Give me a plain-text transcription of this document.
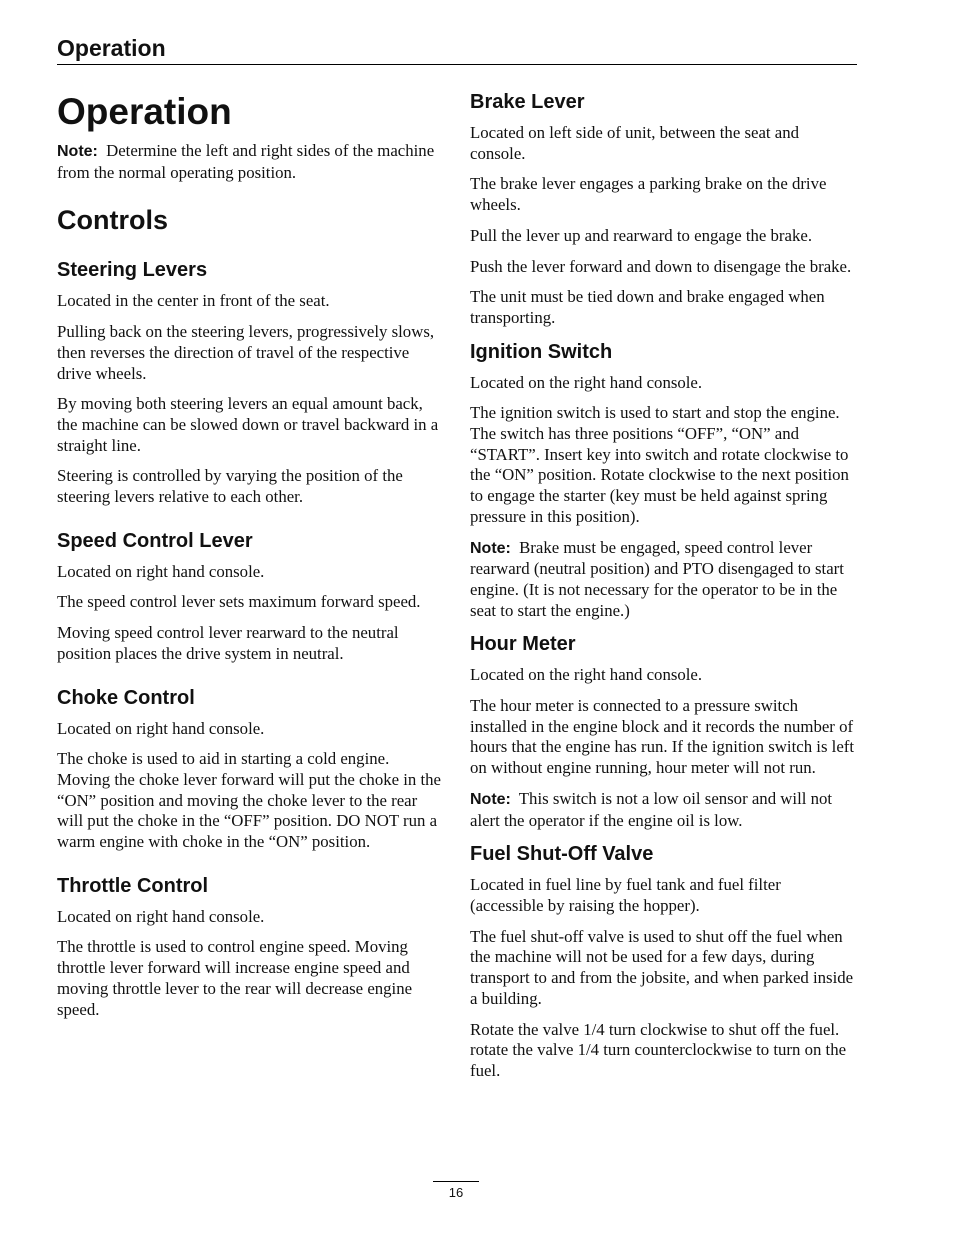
Operation
Operation

Note: Determine the left and right sides of the machine from the normal operating position.

Controls
Steering Levers

Located in the center in front of the seat.

Pulling back on the steering levers, progressively slows, then reverses the direction of travel of the respective drive wheels.

By moving both steering levers an equal amount back, the machine can be slowed down or travel backward in a straight line.

Steering is controlled by varying the position of the steering levers relative to each other.

Speed Control Lever

Located on right hand console.

The speed control lever sets maximum forward speed.

Moving speed control lever rearward to the neutral position places the drive system in neutral.

Choke Control

Located on right hand console.

The choke is used to aid in starting a cold engine. Moving the choke lever forward will put the choke in the “ON” position and moving the choke lever to the rear will put the choke in the “OFF” position. DO NOT run a warm engine with choke in the “ON” position.

Throttle Control

Located on right hand console.

The throttle is used to control engine speed. Moving throttle lever forward will increase engine speed and moving throttle lever to the rear will decrease engine speed.

Brake Lever

Located on left side of unit, between the seat and console.

The brake lever engages a parking brake on the drive wheels.

Pull the lever up and rearward to engage the brake.

Push the lever forward and down to disengage the brake.

The unit must be tied down and brake engaged when transporting.

Ignition Switch

Located on the right hand console.

The ignition switch is used to start and stop the engine. The switch has three positions “OFF”, “ON” and “START”. Insert key into switch and rotate clockwise to the “ON” position. Rotate clockwise to the next position to engage the starter (key must be held against spring pressure in this position).

Note: Brake must be engaged, speed control lever rearward (neutral position) and PTO disengaged to start engine. (It is not necessary for the operator to be in the seat to start the engine.)

Hour Meter

Located on the right hand console.

The hour meter is connected to a pressure switch installed in the engine block and it records the number of hours that the engine has run. If the ignition switch is left on without engine running, hour meter will not run.

Note: This switch is not a low oil sensor and will not alert the operator if the engine oil is low.

Fuel Shut-Off Valve

Located in fuel line by fuel tank and fuel filter (accessible by raising the hopper).

The fuel shut-off valve is used to shut off the fuel when the machine will not be used for a few days, during transport to and from the jobsite, and when parked inside a building.

Rotate the valve 1/4 turn clockwise to shut off the fuel. rotate the valve 1/4 turn counterclockwise to turn on the fuel.

16
